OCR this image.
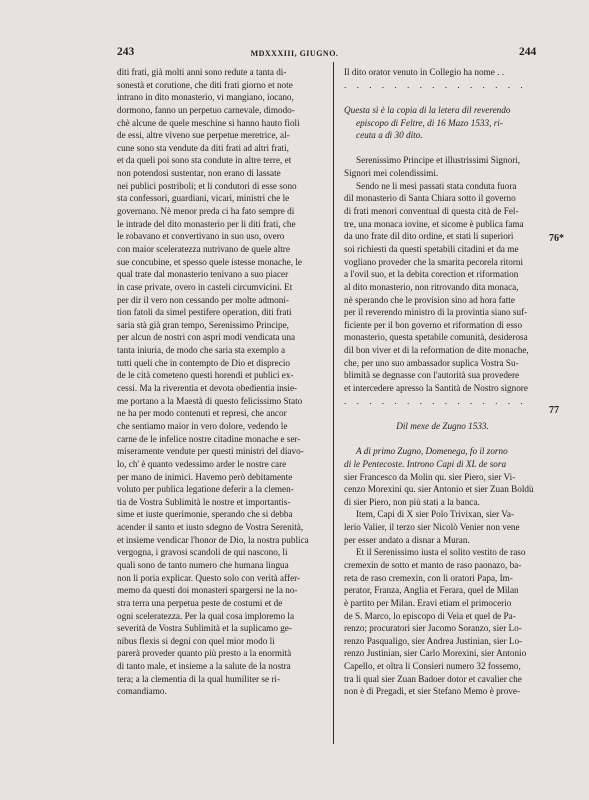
243	MDXXXIII, GIUGNO.	244
diti frati, già molti anni sono redute a tanta di-
sonestà et corutione, che diti frati giorno et note
intrano in dito monasterio, vi mangiano, iocano,
dormono, fanno un perpetuo carnevale, dimodo-
chè alcune de quele meschine si hanno hauto fioli
de essi, altre viveno sue perpetue meretrice, al-
cune sono sta vendute da diti frati ad altri frati,
et da queli poi sono sta condute in altre terre, et
non potendosi sustentar, non erano di lassate
nei publici postriboli; et li condutori di esse sono
sta confessori, guardiani, vicari, ministri che le
governano. Nè menor preda ci ha fato sempre di
le intrade del dito monasterio per li diti frati, che
le robavano et convertivano in suo uso, overo
con maior sceleratezza nutrivano de quele altre
sue concubine, et spesso quele istesse monache, le
qual trate dal monasterio tenivano a suo piacer
in case private, overo in casteli circumvicini. Et
per dir il vero non cessando per molte admoni-
tion fatoli da simel pestifere operation, diti frati
saria stà già gran tempo, Serenissimo Principe,
per alcun de nostri con aspri modi vendicata una
tanta iniuria, de modo che saria sta exemplo a
tutti queli che in contempto de Dio et disprecio
de le cità cometeno questi horendi et publici ex-
cessi. Ma la riverentia et devota obedientia insie-
me portano a la Maestà di questo felicissimo Stato
ne ha per modo contenuti et represi, che ancor
che sentiamo maior in vero dolore, vedendo le
carne de le infelice nostre citadine monache e ser-
miseramente vendute per questi ministri del diavo-
lo, ch' è quanto vedessimo arder le nostre care
per mano de inimici. Havemo però debitamente
voluto per publica legatione deferir a la clemen-
tia de Vostra Sublimità le nostre et importantis-
sime et iuste querimonie, sperando che si debba
acender il santo et iusto sdegno de Vostra Serenità,
et insieme vendicar l'honor de Dio, la nostra publica
vergogna, i gravosi scandoli de qui nascono, li
quali sono de tanto numero che humana lingua
non li poria explicar. Questo solo con verità affer-
memo da questi doi monasteri spargersi ne la no-
stra terra una perpetua peste de costumi et de
ogni sceleratezza. Per la qual cosa imploremo la
severità de Vostra Sublimità et la suplicamo ge-
nibus flexis si degni con quel mior modo li
parerà proveder quanto più presto a la enormità
di tanto male, et insieme a la salute de la nostra
tera; a la clementia di la qual humiliter se ri-
comandiamo.
Il dito orator venuto in Collegio ha nome . .
. . . . . . . . . . . . . . .
Questa sì è la copia di la letera dil reverendo
episcopo di Feltre, di 16 Mazo 1533, ri-
ceuta a dì 30 dito.
Serenissimo Principe et illustrissimi Signori,
Signori mei colendissimi.
Sendo ne li mesi passati stata conduta fuora
dil monasterio di Santa Chiara sotto il governo
di frati menori conventual di questa cità de Fel-
tre, una monaca iovine, et sicome è publica fama
da uno frate dil dito ordine, et stati li superiori
soi richiesti da questi spetabili citadini et da me
vogliano proveder che la smarita pecorela ritorni
a l'ovil suo, et la debita corection et riformation
al dito monasterio, non ritrovando dita monaca,
nè sperando che le provision sino ad hora fatte
per il reverendo ministro di la provintia siano suf-
ficiente per il bon governo et riformation di esso
monasterio, questa spetabile comunità, desiderosa
dil bon viver et di la reformation de dite monache,
che, per uno suo ambassador suplica Vostra Su-
blimità se degnasse con l'autorità sua provedere
et intercedere apresso la Santità de Nostro signore
. . . . . . . . . . . . . . .
Dil mexe de Zugno 1533.
A dì primo Zugno, Domenega, fo il zorno
di le Pentecoste. Introno Capi di XL de sora
sier Francesco da Molin qu. sier Piero, sier Vi-
cenzo Morexini qu. sier Antonio et sier Zuan Boldù
di sier Piero, non più stati a la banca.
Item, Capi di X sier Polo Trivixan, sier Va-
lerio Valier, il terzo sier Nicolò Venier non vene
per esser andato a disnar a Muran.
Et il Serenissimo iusta el solito vestito de raso
cremexin de sotto et manto de raso paonazo, ba-
reta de raso cremexin, con li oratori Papa, Im-
perator, Franza, Anglia et Ferara, quel de Milan
è partito per Milan. Eravi etiam el primocerio
de S. Marco, lo episcopo di Veia et quel de Pa-
renzo; procuratori sier Jacomo Soranzo, sier Lo-
renzo Pasqualigo, sier Andrea Justinian, sier Lo-
renzo Justinian, sier Carlo Morexini, sier Antonio
Capello, et oltra li Consieri numero 32 fossemo,
tra li qual sier Zuan Badoer dotor et cavalier che
non è di Pregadi, et sier Stefano Memo è prove-
76*
77
